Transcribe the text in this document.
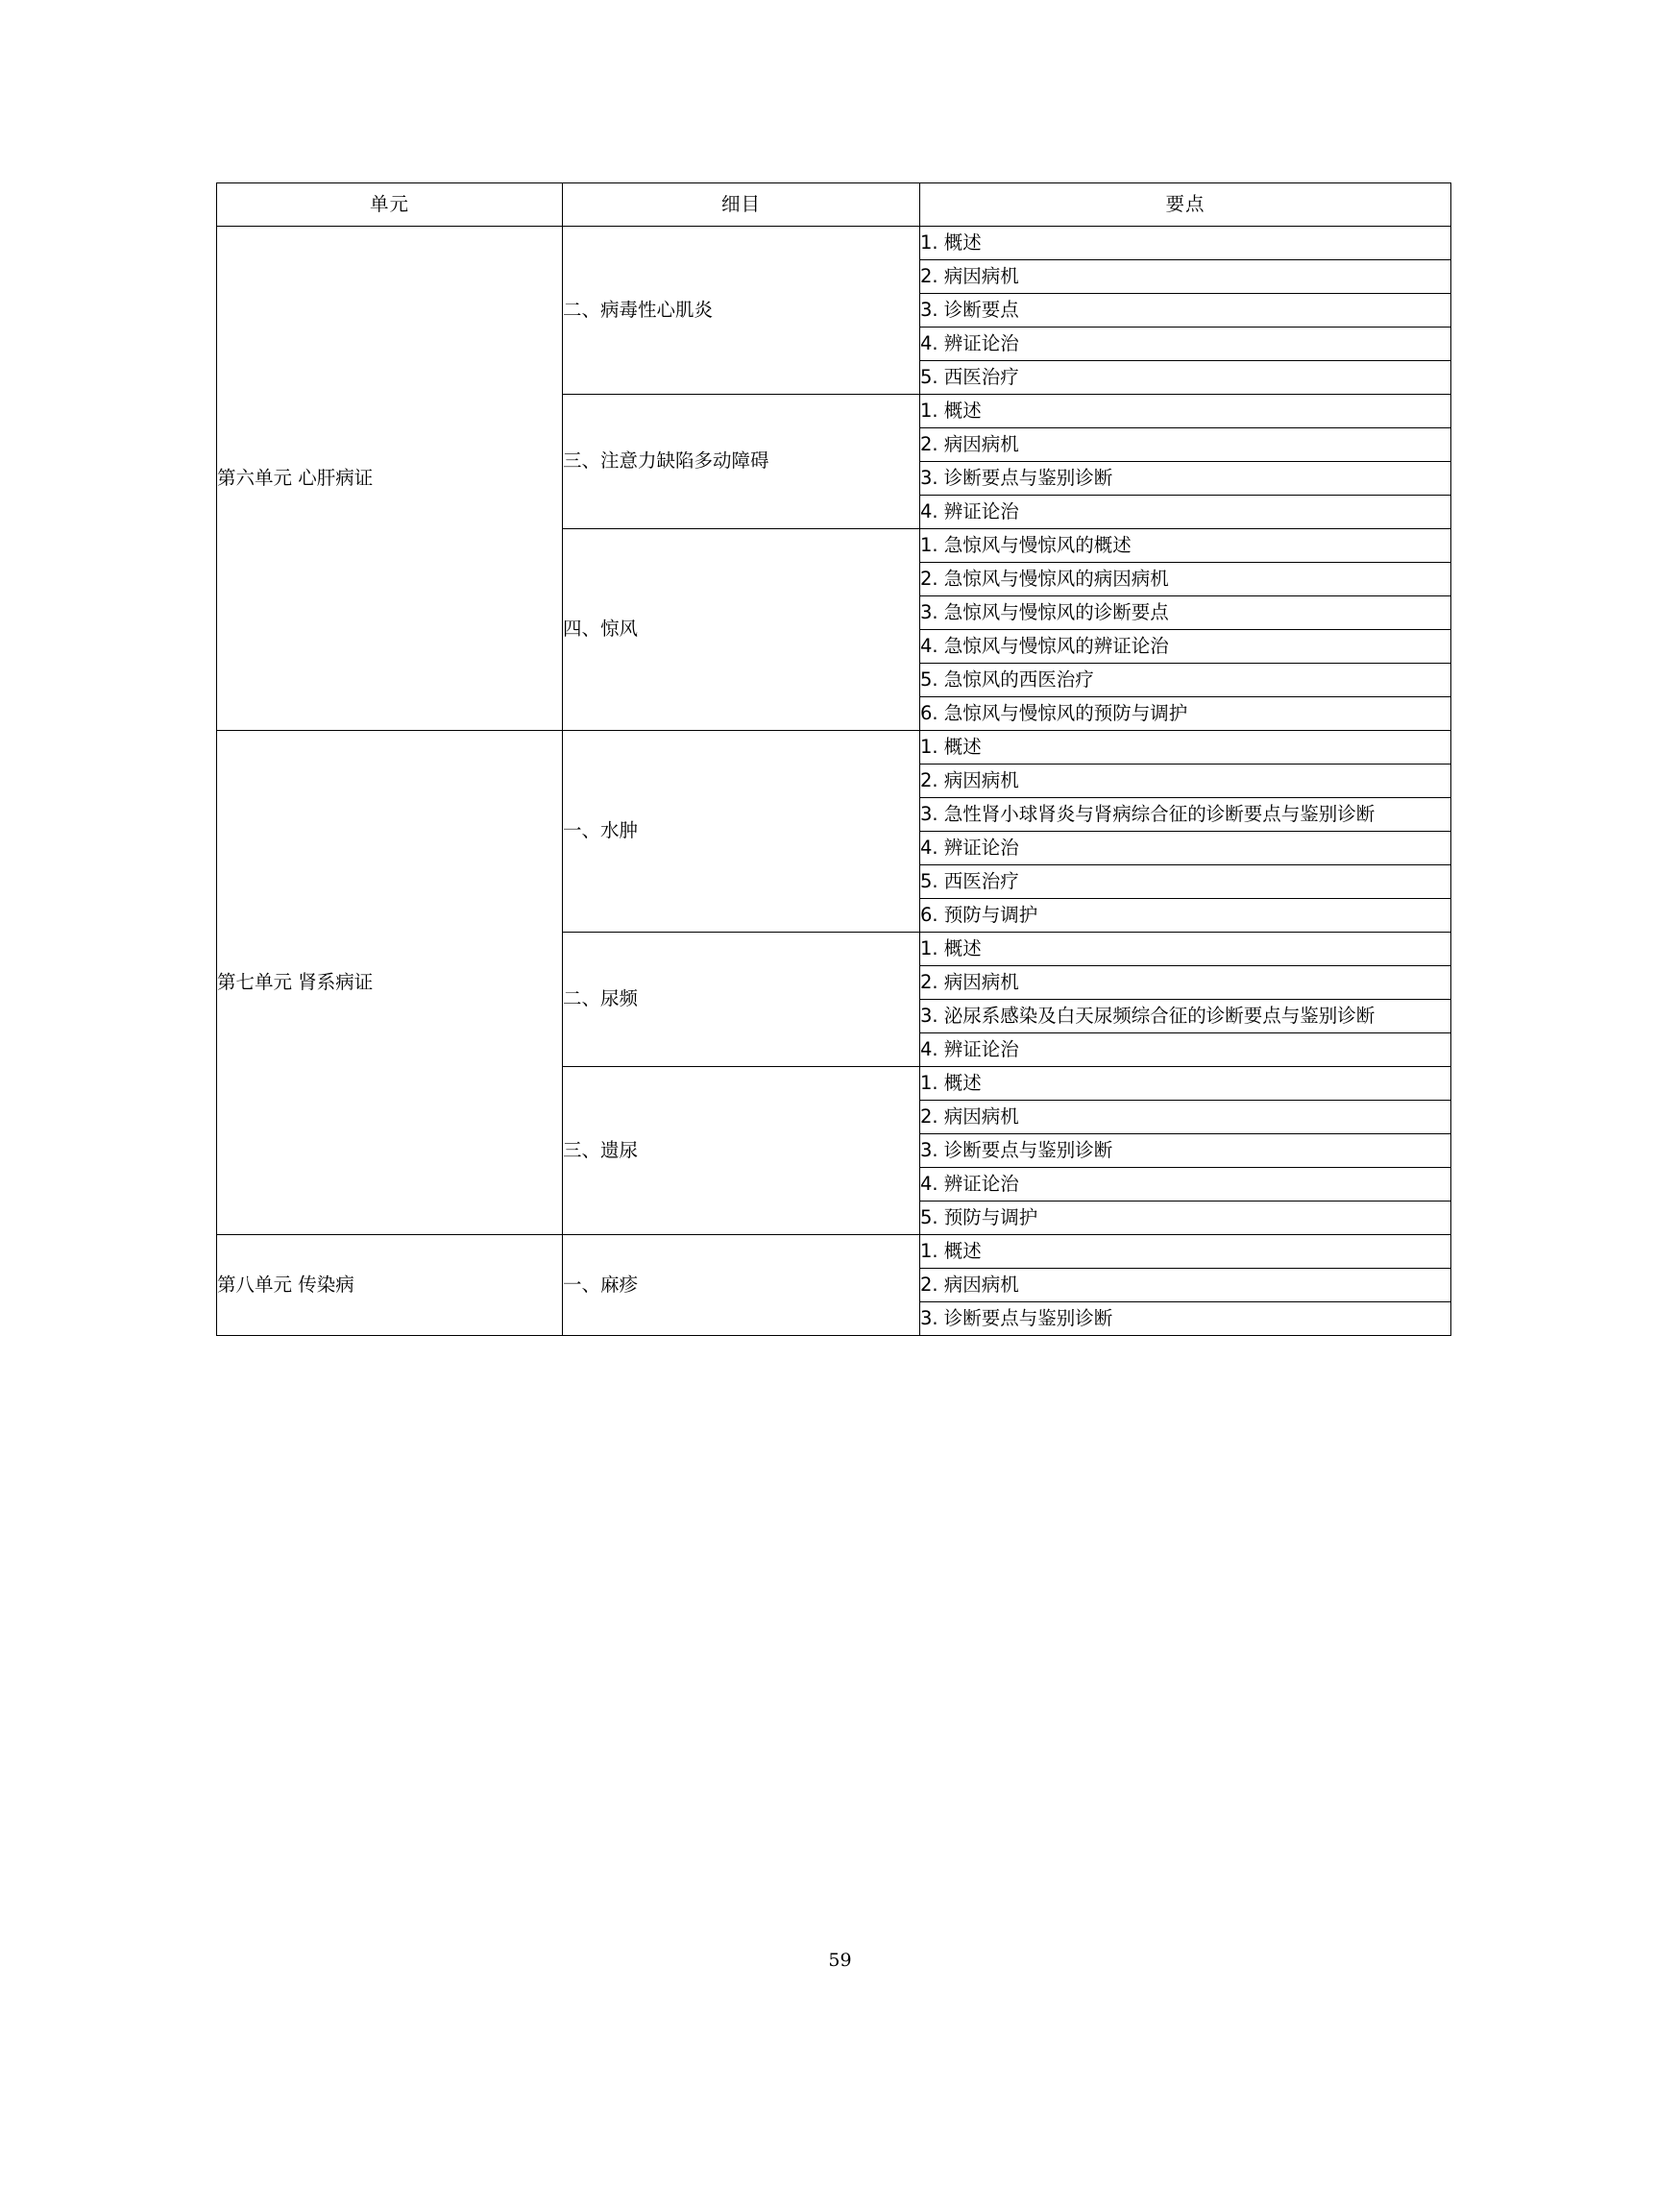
单元	细目	要点
第六单元 心肝病证	二、病毒性心肌炎	1. 概述
		2. 病因病机
		3. 诊断要点
		4. 辨证论治
		5. 西医治疗
	三、注意力缺陷多动障碍	1. 概述
		2. 病因病机
		3. 诊断要点与鉴别诊断
		4. 辨证论治
	四、惊风	1. 急惊风与慢惊风的概述
		2. 急惊风与慢惊风的病因病机
		3. 急惊风与慢惊风的诊断要点
		4. 急惊风与慢惊风的辨证论治
		5. 急惊风的西医治疗
		6. 急惊风与慢惊风的预防与调护
第七单元 肾系病证	一、水肿	1. 概述
		2. 病因病机
		3. 急性肾小球肾炎与肾病综合征的诊断要点与鉴别诊断
		4. 辨证论治
		5. 西医治疗
		6. 预防与调护
	二、尿频	1. 概述
		2. 病因病机
		3. 泌尿系感染及白天尿频综合征的诊断要点与鉴别诊断
		4. 辨证论治
	三、遗尿	1. 概述
		2. 病因病机
		3. 诊断要点与鉴别诊断
		4. 辨证论治
		5. 预防与调护
第八单元 传染病	一、麻疹	1. 概述
		2. 病因病机
		3. 诊断要点与鉴别诊断
59
